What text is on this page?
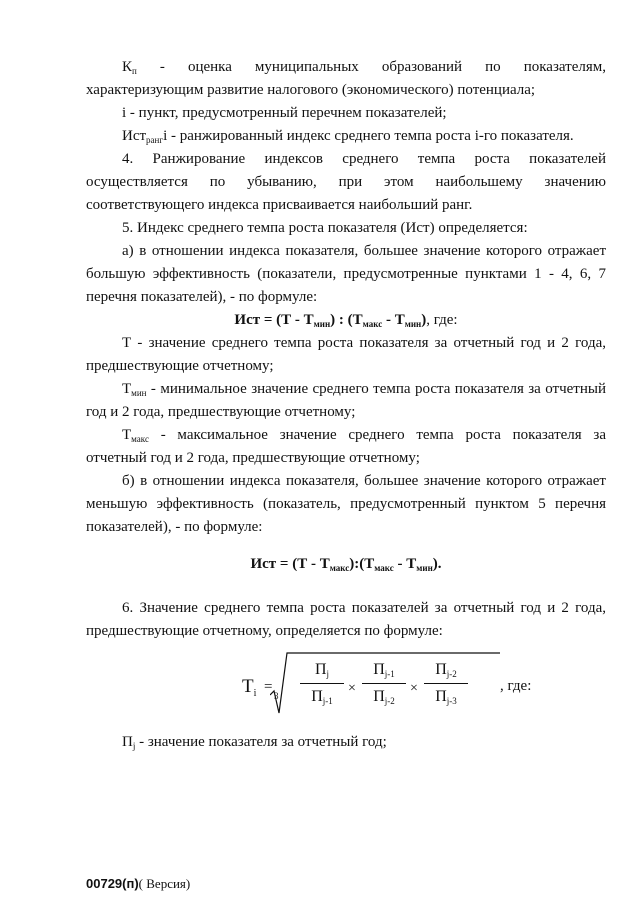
$К_п$ - оценка муниципальных образований по показателям, характеризующим развитие налогового (экономического) потенциала;

i - пункт, предусмотренный перечнем показателей;

Ист$_{ранг}$i - ранжированный индекс среднего темпа роста i-го показателя.

4. Ранжирование индексов среднего темпа роста показателей осуществляется по убыванию, при этом наибольшему значению соответствующего индекса присваивается наибольший ранг.

5. Индекс среднего темпа роста показателя (Ист) определяется:

а) в отношении индекса показателя, большее значение которого отражает большую эффективность (показатели, предусмотренные пунктами 1 - 4, 6, 7 перечня показателей), - по формуле:

Ист = $(Т - Т_{мин})$ : $(Т_{макс} - Т_{мин})$, где:

Т - значение среднего темпа роста показателя за отчетный год и 2 года, предшествующие отчетному;

$Т_{мин}$ - минимальное значение среднего темпа роста показателя за отчетный год и 2 года, предшествующие отчетному;

$Т_{макс}$ - максимальное значение среднего темпа роста показателя за отчетный год и 2 года, предшествующие отчетному;

б) в отношении индекса показателя, большее значение которого отражает меньшую эффективность (показатель, предусмотренный пунктом 5 перечня показателей), - по формуле:

Ист = $(Т - Т_{макс}):(Т_{макс} - Т_{мин})$.

6. Значение среднего темпа роста показателей за отчетный год и 2 года, предшествующие отчетному, определяется по формуле:

$T_i$ =
3
$П_j$
$П_{j-1}$
×
$П_{j-1}$
$П_{j-2}$
×
$П_{j-2}$
$П_{j-3}$
, где:

$П_j$ - значение показателя за отчетный год;

00729(п)( Версия)
